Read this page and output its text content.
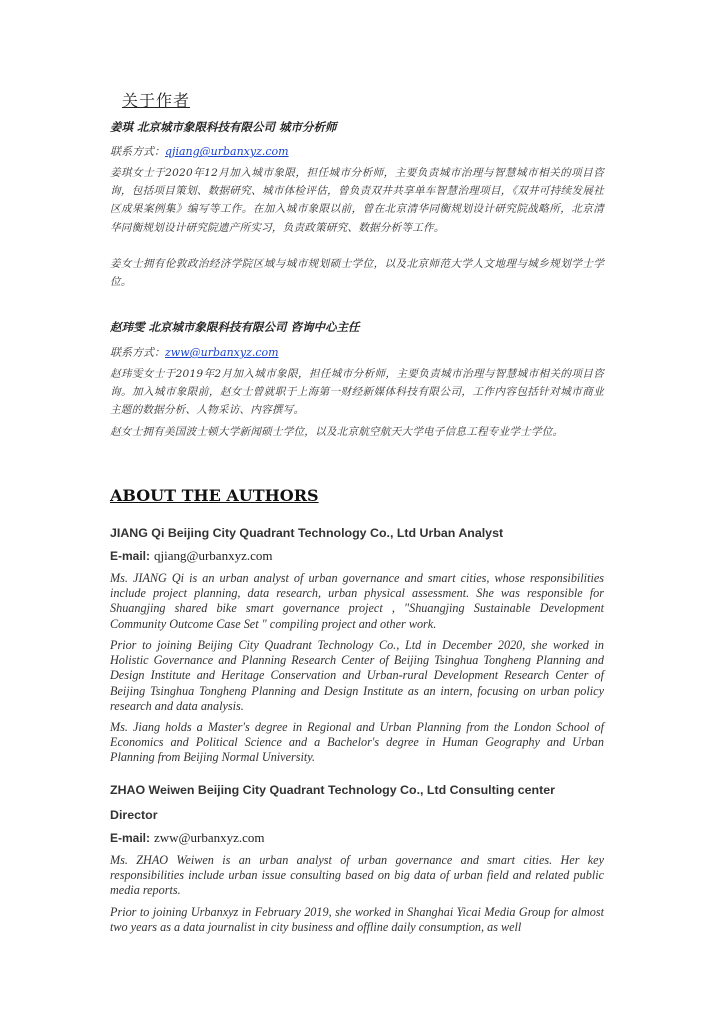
关于作者

姜琪 北京城市象限科技有限公司 城市分析师

联系方式：qjiang@urbanxyz.com

姜琪女士于2020年12月加入城市象限，担任城市分析师，主要负责城市治理与智慧城市相关的项目咨询，包括项目策划、数据研究、城市体检评估，曾负责双井共享单车智慧治理项目，《双井可持续发展社区成果案例集》编写等工作。在加入城市象限以前，曾在北京清华同衡规划设计研究院战略所，北京清华同衡规划设计研究院遗产所实习，负责政策研究、数据分析等工作。

姜女士拥有伦敦政治经济学院区域与城市规划硕士学位，以及北京师范大学人文地理与城乡规划学士学位。

赵玮雯 北京城市象限科技有限公司 咨询中心主任

联系方式：zww@urbanxyz.com

赵玮雯女士于2019年2月加入城市象限，担任城市分析师，主要负责城市治理与智慧城市相关的项目咨询。加入城市象限前，赵女士曾就职于上海第一财经新媒体科技有限公司，工作内容包括针对城市商业主题的数据分析、人物采访、内容撰写。

赵女士拥有美国波士顿大学新闻硕士学位，以及北京航空航天大学电子信息工程专业学士学位。

ABOUT THE AUTHORS

JIANG Qi Beijing City Quadrant Technology Co., Ltd Urban Analyst

E-mail: qjiang@urbanxyz.com

Ms. JIANG Qi is an urban analyst of urban governance and smart cities, whose responsibilities include project planning, data research, urban physical assessment. She was responsible for Shuangjing shared bike smart governance project , "Shuangjing Sustainable Development Community Outcome Case Set " compiling project and other work.

Prior to joining Beijing City Quadrant Technology Co., Ltd in December 2020, she worked in Holistic Governance and Planning Research Center of Beijing Tsinghua Tongheng Planning and Design Institute and Heritage Conservation and Urban-rural Development Research Center of Beijing Tsinghua Tongheng Planning and Design Institute as an intern, focusing on urban policy research and data analysis.

Ms. Jiang holds a Master's degree in Regional and Urban Planning from the London School of Economics and Political Science and a Bachelor's degree in Human Geography and Urban Planning from Beijing Normal University.

ZHAO Weiwen Beijing City Quadrant Technology Co., Ltd Consulting center

Director

E-mail: zww@urbanxyz.com

Ms. ZHAO Weiwen is an urban analyst of urban governance and smart cities. Her key responsibilities include urban issue consulting based on big data of urban field and related public media reports.

Prior to joining Urbanxyz in February 2019, she worked in Shanghai Yicai Media Group for almost two years as a data journalist in city business and offline daily consumption, as well
